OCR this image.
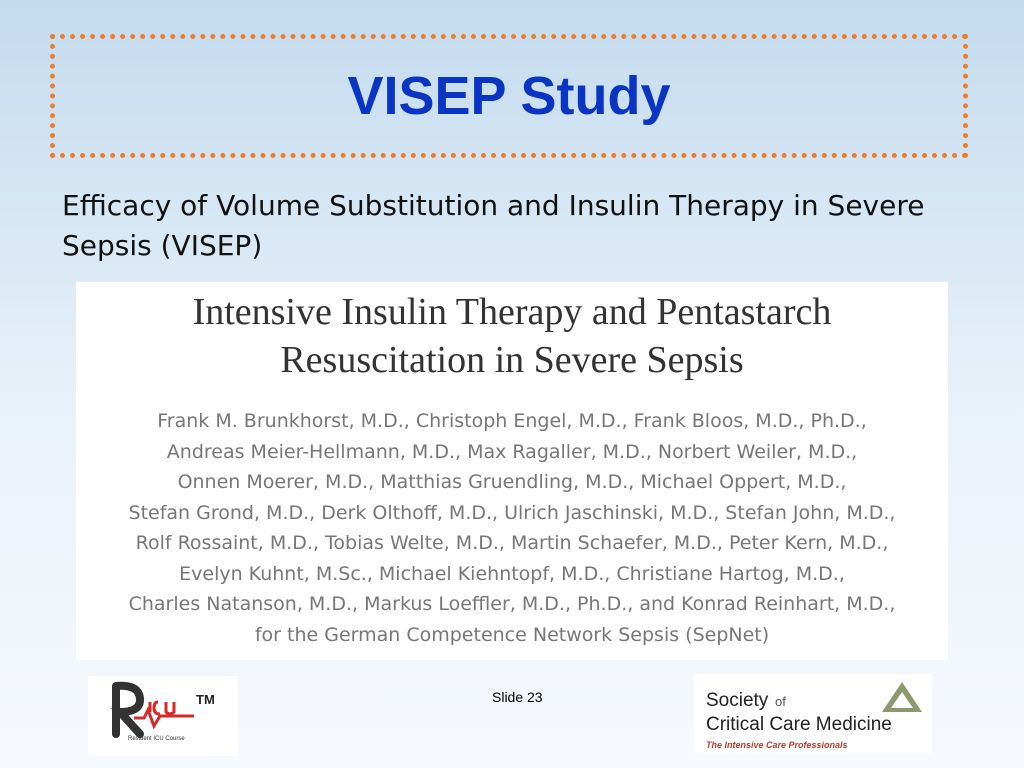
VISEP Study
Efficacy of Volume Substitution and Insulin Therapy in Severe Sepsis (VISEP)
Intensive Insulin Therapy and Pentastarch
Resuscitation in Severe Sepsis
Frank M. Brunkhorst, M.D., Christoph Engel, M.D., Frank Bloos, M.D., Ph.D.,
Andreas Meier-Hellmann, M.D., Max Ragaller, M.D., Norbert Weiler, M.D.,
Onnen Moerer, M.D., Matthias Gruendling, M.D., Michael Oppert, M.D.,
Stefan Grond, M.D., Derk Olthoff, M.D., Ulrich Jaschinski, M.D., Stefan John, M.D.,
Rolf Rossaint, M.D., Tobias Welte, M.D., Martin Schaefer, M.D., Peter Kern, M.D.,
Evelyn Kuhnt, M.Sc., Michael Kiehntopf, M.D., Christiane Hartog, M.D.,
Charles Natanson, M.D., Markus Loeffler, M.D., Ph.D., and Konrad Reinhart, M.D.,
for the German Competence Network Sepsis (SepNet)
TM
Resident ICU Course
Slide 23	Society of
Critical Care Medicine
The Intensive Care Professionals
